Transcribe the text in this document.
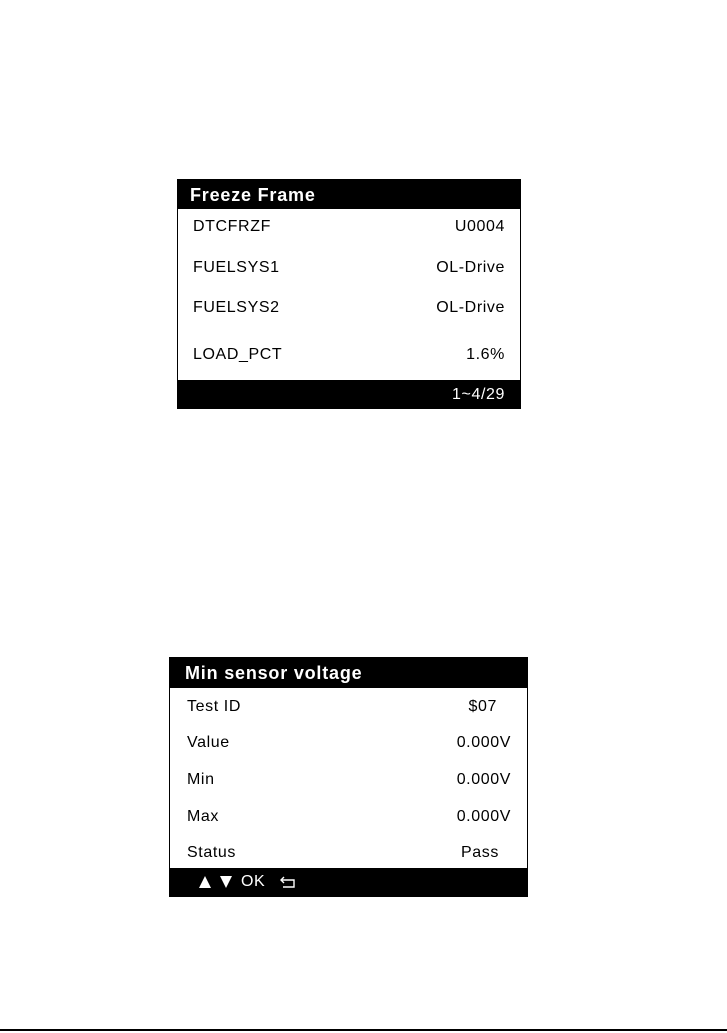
Freeze Frame
DTCFRZF	U0004
FUELSYS1	OL-Drive
FUELSYS2	OL-Drive
LOAD_PCT	1.6%
1~4/29
Min sensor voltage
Test ID	$07
Value	0.000V
Min	0.000V
Max	0.000V
Status	Pass
OK
